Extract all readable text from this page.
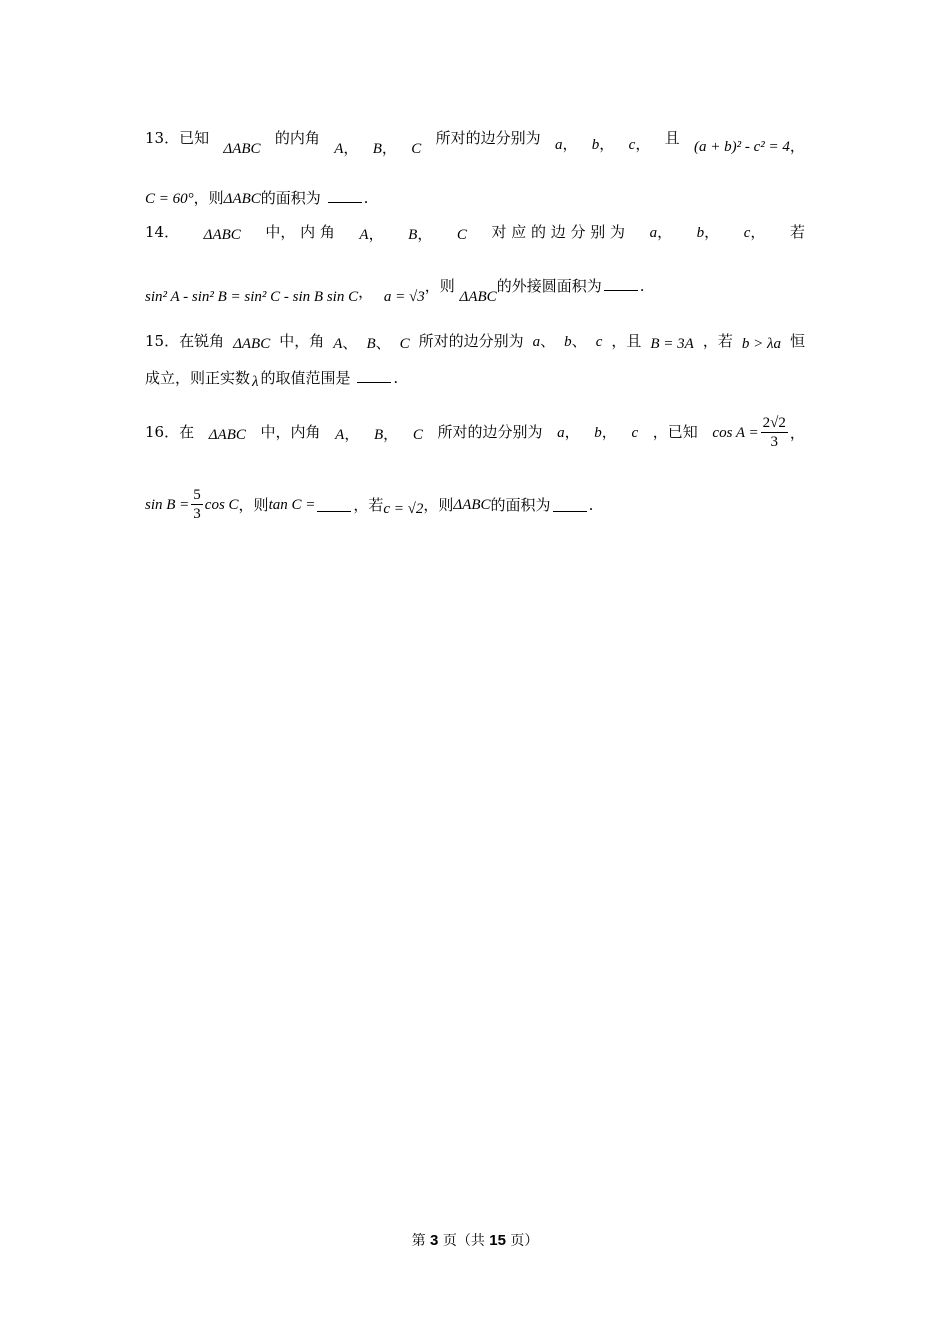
13．已知
ΔABC
的内角
A， B， C
所对的边分别为 a， b， c， 且 (a + b)² - c² = 4，
C = 60°，则ΔABC的面积为	.
14． ΔABC 中， 内 角 A， B， C 对 应 的 边 分 别 为 a， b， c， 若
sin² A - sin² B = sin² C - sin B sin C， a = √3，则 ΔABC的外接圆面积为	.
15．在锐角 ΔABC 中，角 A、 B、 C 所对的边分别为 a、 b、 c ，且 B = 3A ，若 b > λa 恒
成立，则正实数 λ 的取值范围是	.
16．在 ΔABC 中，内角 A， B， C 所对的边分别为 a， b， c ，已知 $\cos A = \frac{2√2}{3}$ ，
$\sin B = \frac{5}{3}$ cos C ，则 tan C =	，若 c = √2 ，则 ΔABC 的面积为	.
第 3 页（共 15 页）
